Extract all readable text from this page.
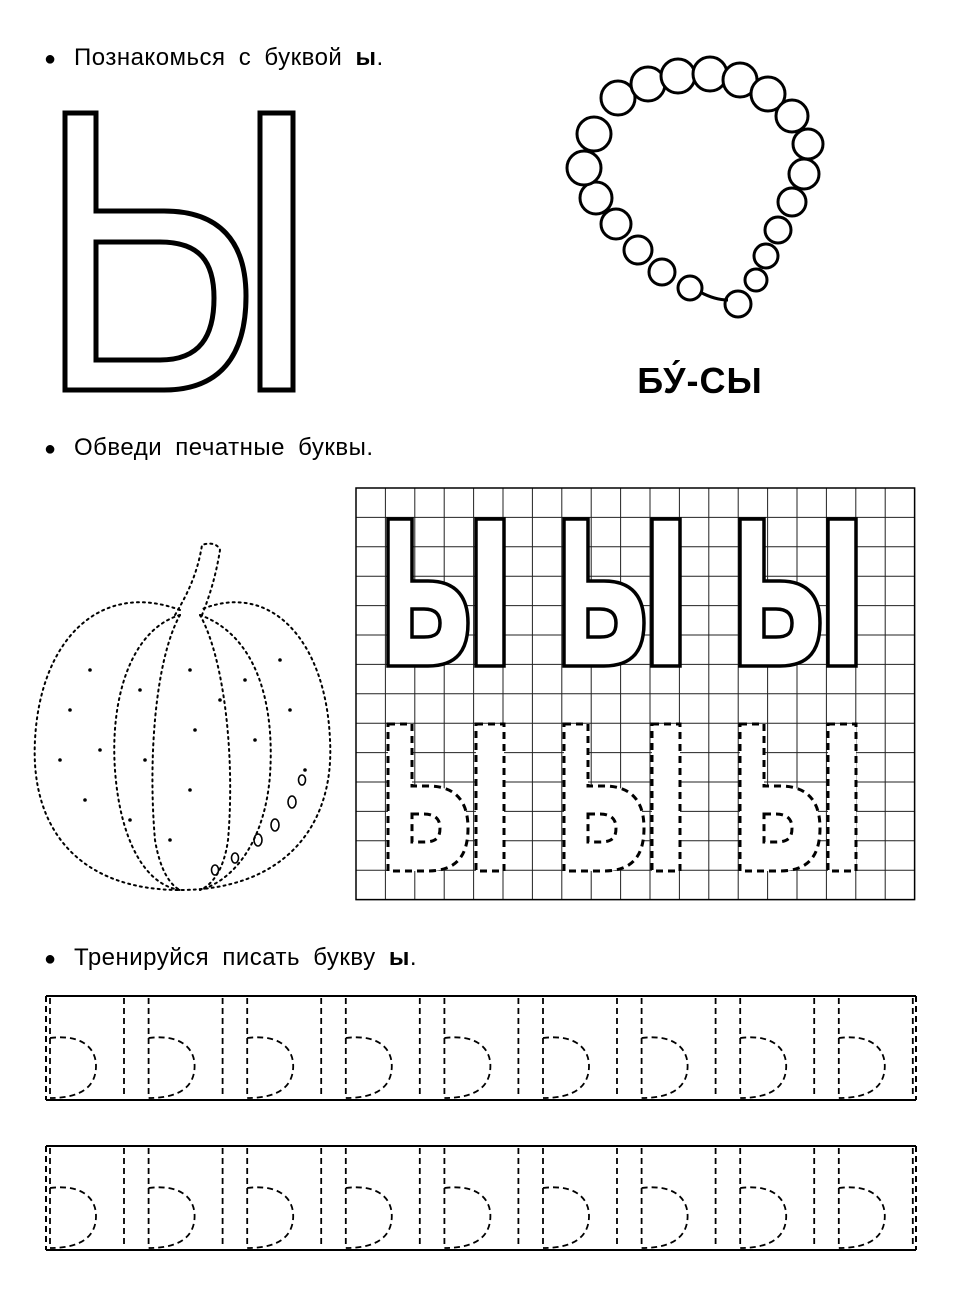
● Познакомься с буквой ы.
БУ́-СЫ
● Обведи печатные буквы.
● Тренируйся писать букву ы.
